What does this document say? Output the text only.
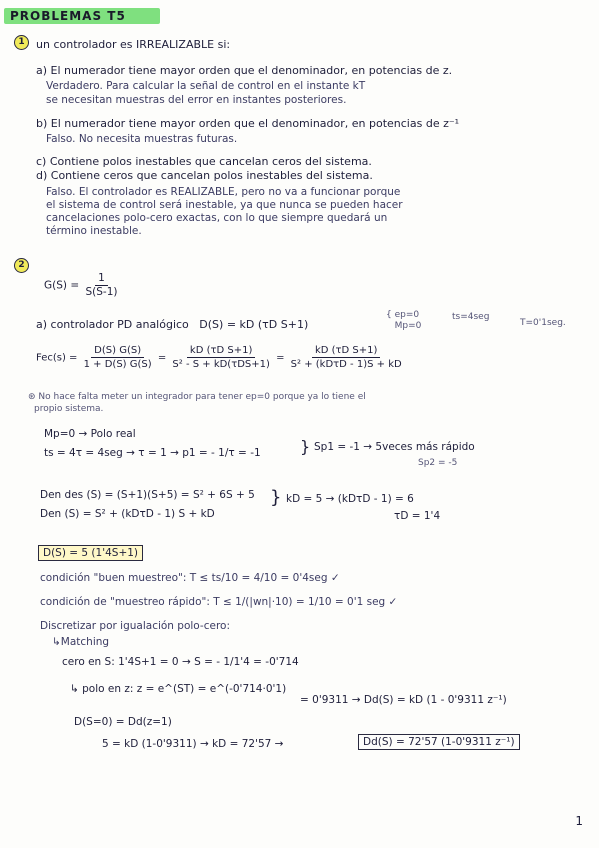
PROBLEMAS T5
1	un controlador es IRREALIZABLE si:
a) El numerador tiene mayor orden que el denominador, en potencias de z.
Verdadero. Para calcular la señal de control en el instante kT
se necesitan muestras del error en instantes posteriores.
b) El numerador tiene mayor orden que el denominador, en potencias de z⁻¹
Falso. No necesita muestras futuras.
c) Contiene polos inestables que cancelan ceros del sistema.
d) Contiene ceros que cancelan polos inestables del sistema.
Falso. El controlador es REALIZABLE, pero no va a funcionar porque
el sistema de control será inestable, ya que nunca se pueden hacer
cancelaciones polo-cero exactas, con lo que siempre quedará un
término inestable.
2
$G(S) = \frac{1}{S(S-1)}$
a) controlador PD analógico D(S) = kD (τD S+1)
{ ep=0
Mp=0
ts=4seg
T=0'1seg.
$Fec(s) = \frac{D(S) G(S)}{1 + D(S) G(S)} = \frac{\text{kD (τD S+1)}}{\text{S² - S + kD(τDS+1)}} = \frac{\text{kD (τD S+1)}}{\text{S² + (kDτD - 1)S + kD}}$
⊛ No hace falta meter un integrador para tener ep=0 porque ya lo tiene el
propio sistema.
Mp=0 → Polo real
ts = 4τ = 4seg → τ = 1 → p1 = - 1/τ = -1 } Sp1 = -1 → 5veces más rápido
Sp2 = -5
Den des (S) = (S+1)(S+5) = S² + 6S + 5
Den (S) = S² + (kDτD - 1) S + kD
} kD = 5 → (kDτD - 1) = 6
τD = 1'4
D(S) = 5 (1'4S+1)
condición "buen muestreo": T ≤ ts/10 = 4/10 = 0'4seg ✓
condición de "muestreo rápido": T ≤ 1/(|wn|·10) = 1/10 = 0'1 seg ✓
Discretizar por igualación polo-cero:
↳Matching
cero en S: 1'4S+1 = 0 → S = - 1/1'4 = -0'714
↳ polo en z: z = e^(ST) = e^(-0'714·0'1)
= 0'9311 → Dd(S) = kD (1 - 0'9311 z⁻¹)
D(S=0) = Dd(z=1)
5 = kD (1-0'9311) → kD = 72'57 →	Dd(S) = 72'57 (1-0'9311 z⁻¹)
1
